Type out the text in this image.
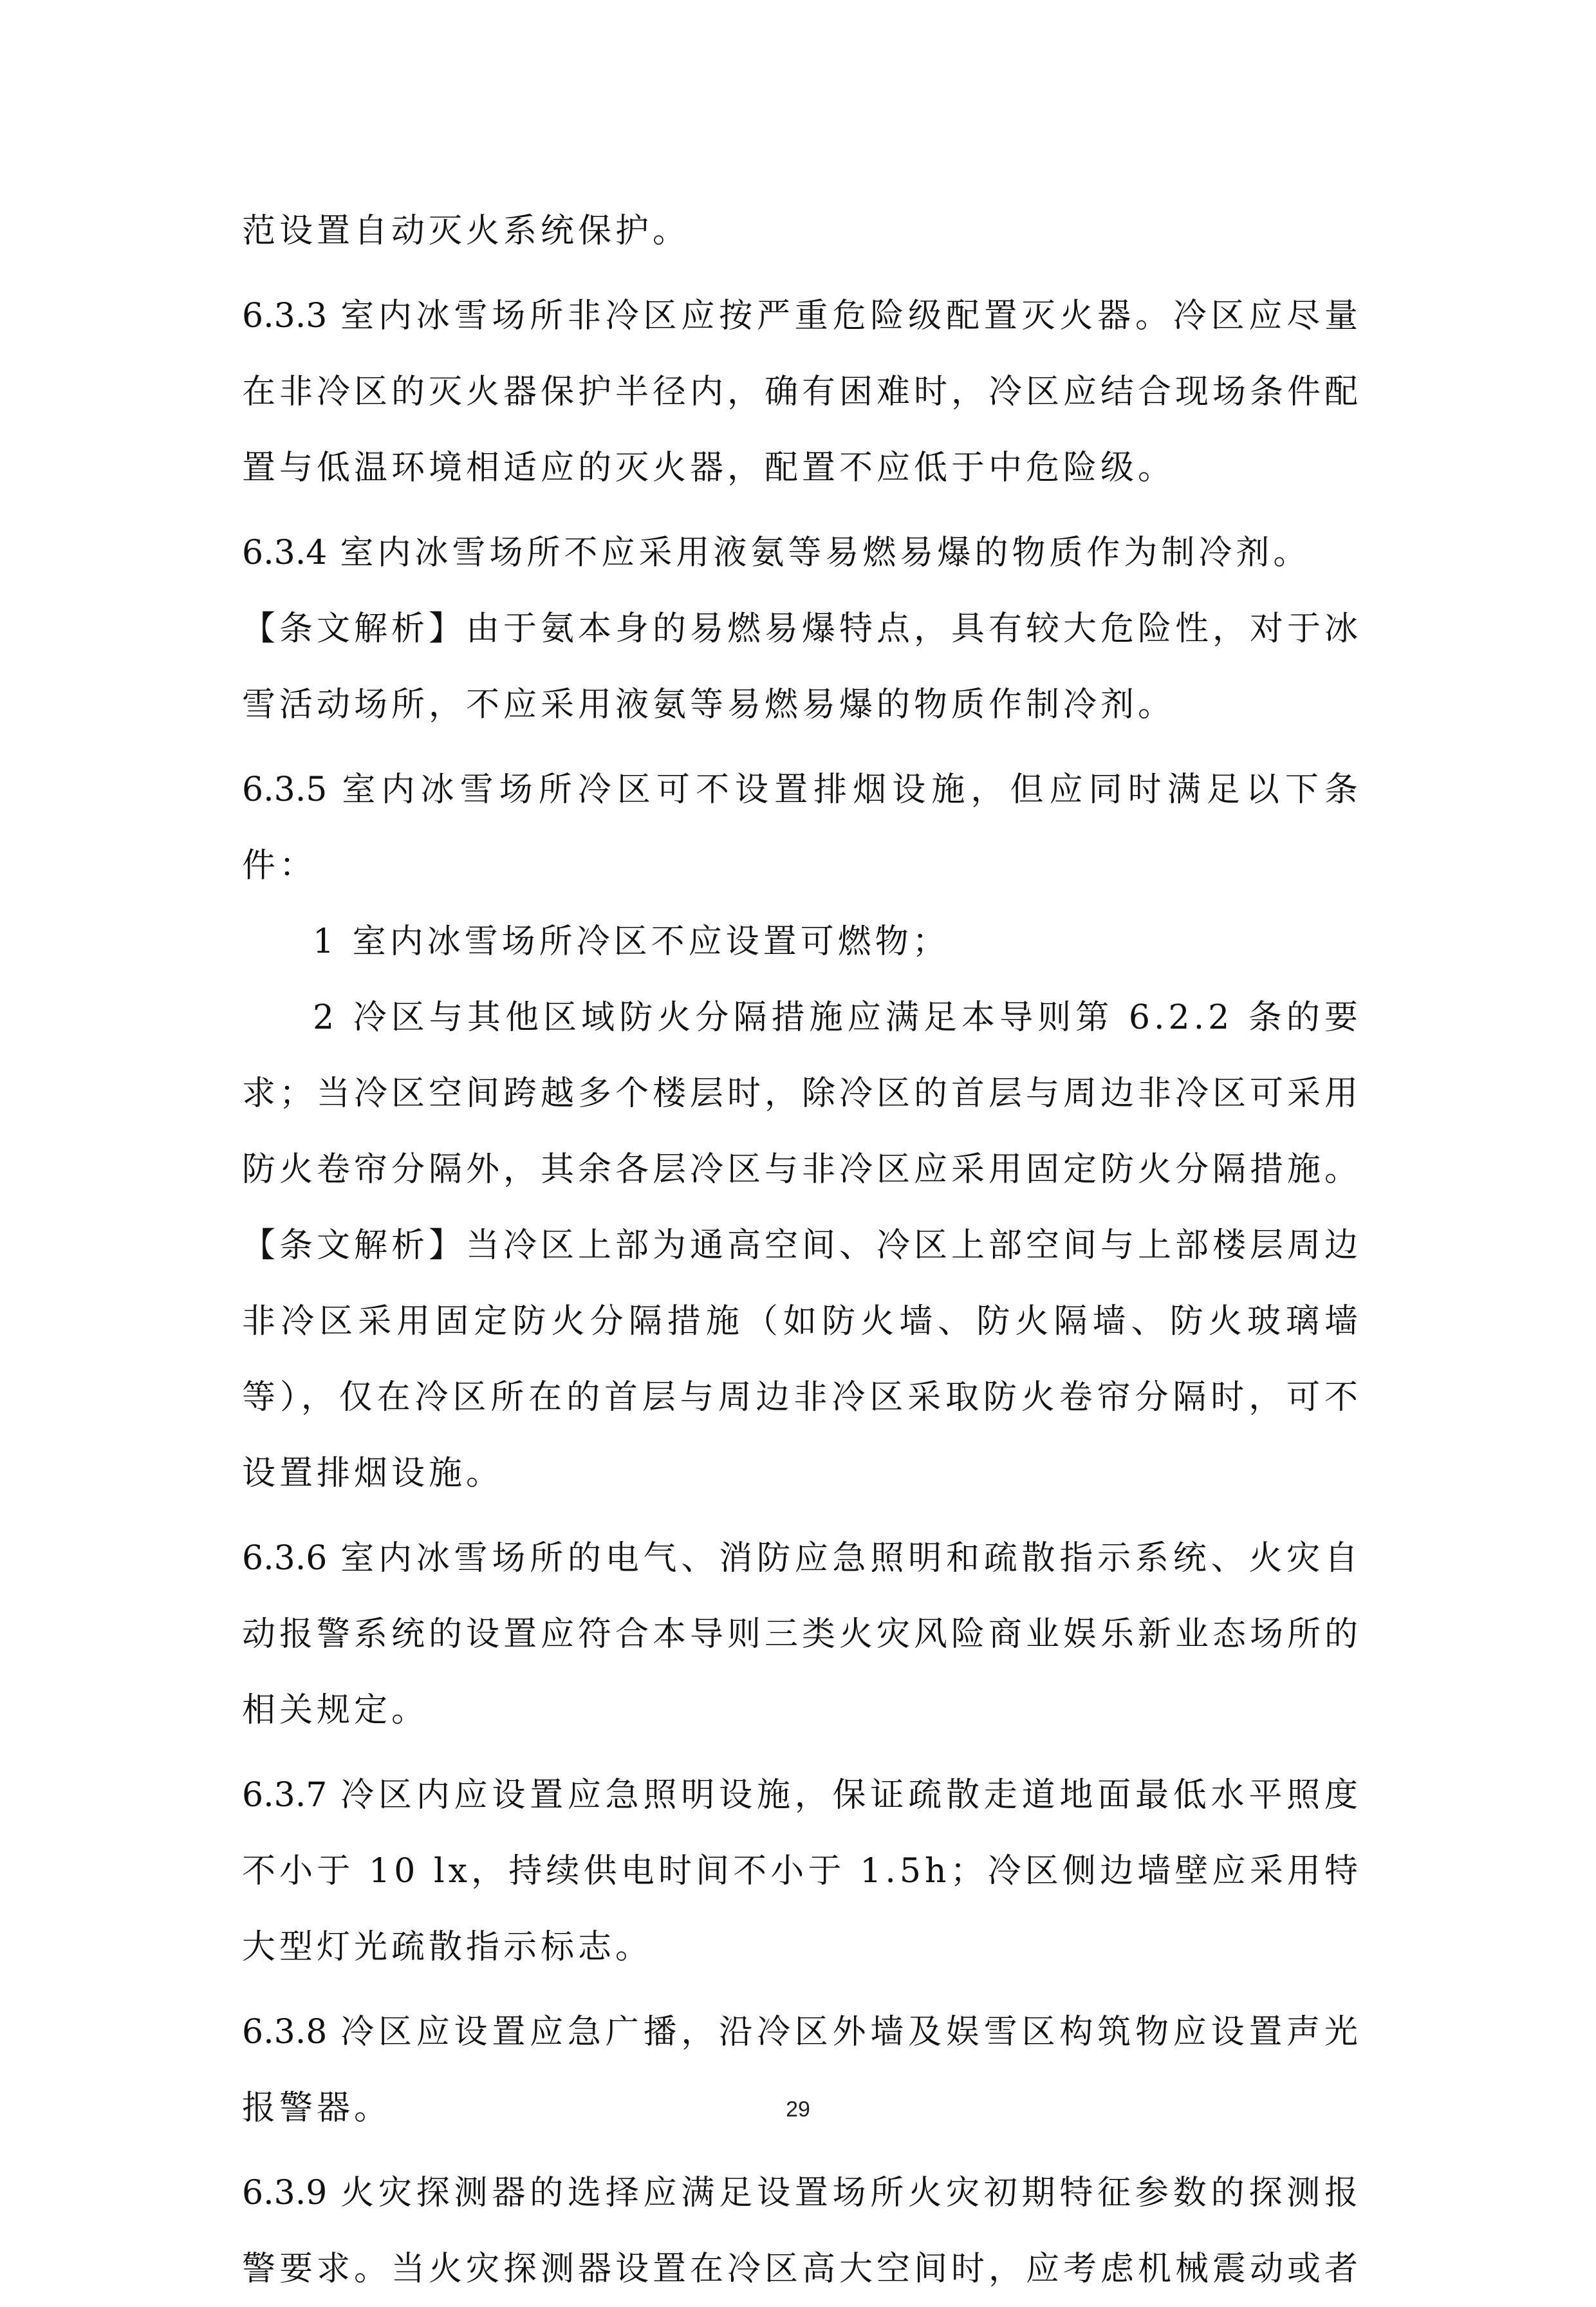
范设置自动灭火系统保护。

6.3.3 室内冰雪场所非冷区应按严重危险级配置灭火器。冷区应尽量在非冷区的灭火器保护半径内，确有困难时，冷区应结合现场条件配置与低温环境相适应的灭火器，配置不应低于中危险级。

6.3.4 室内冰雪场所不应采用液氨等易燃易爆的物质作为制冷剂。

【条文解析】由于氨本身的易燃易爆特点，具有较大危险性，对于冰雪活动场所，不应采用液氨等易燃易爆的物质作制冷剂。

6.3.5 室内冰雪场所冷区可不设置排烟设施，但应同时满足以下条件：

1 室内冰雪场所冷区不应设置可燃物；

2 冷区与其他区域防火分隔措施应满足本导则第 6.2.2 条的要求；当冷区空间跨越多个楼层时，除冷区的首层与周边非冷区可采用防火卷帘分隔外，其余各层冷区与非冷区应采用固定防火分隔措施。

【条文解析】当冷区上部为通高空间、冷区上部空间与上部楼层周边非冷区采用固定防火分隔措施（如防火墙、防火隔墙、防火玻璃墙等），仅在冷区所在的首层与周边非冷区采取防火卷帘分隔时，可不设置排烟设施。

6.3.6 室内冰雪场所的电气、消防应急照明和疏散指示系统、火灾自动报警系统的设置应符合本导则三类火灾风险商业娱乐新业态场所的相关规定。

6.3.7 冷区内应设置应急照明设施，保证疏散走道地面最低水平照度不小于 10 lx，持续供电时间不小于 1.5h；冷区侧边墙壁应采用特大型灯光疏散指示标志。

6.3.8 冷区应设置应急广播，沿冷区外墙及娱雪区构筑物应设置声光报警器。

6.3.9 火灾探测器的选择应满足设置场所火灾初期特征参数的探测报警要求。当火灾探测器设置在冷区高大空间时，应考虑机械震动或者

29
